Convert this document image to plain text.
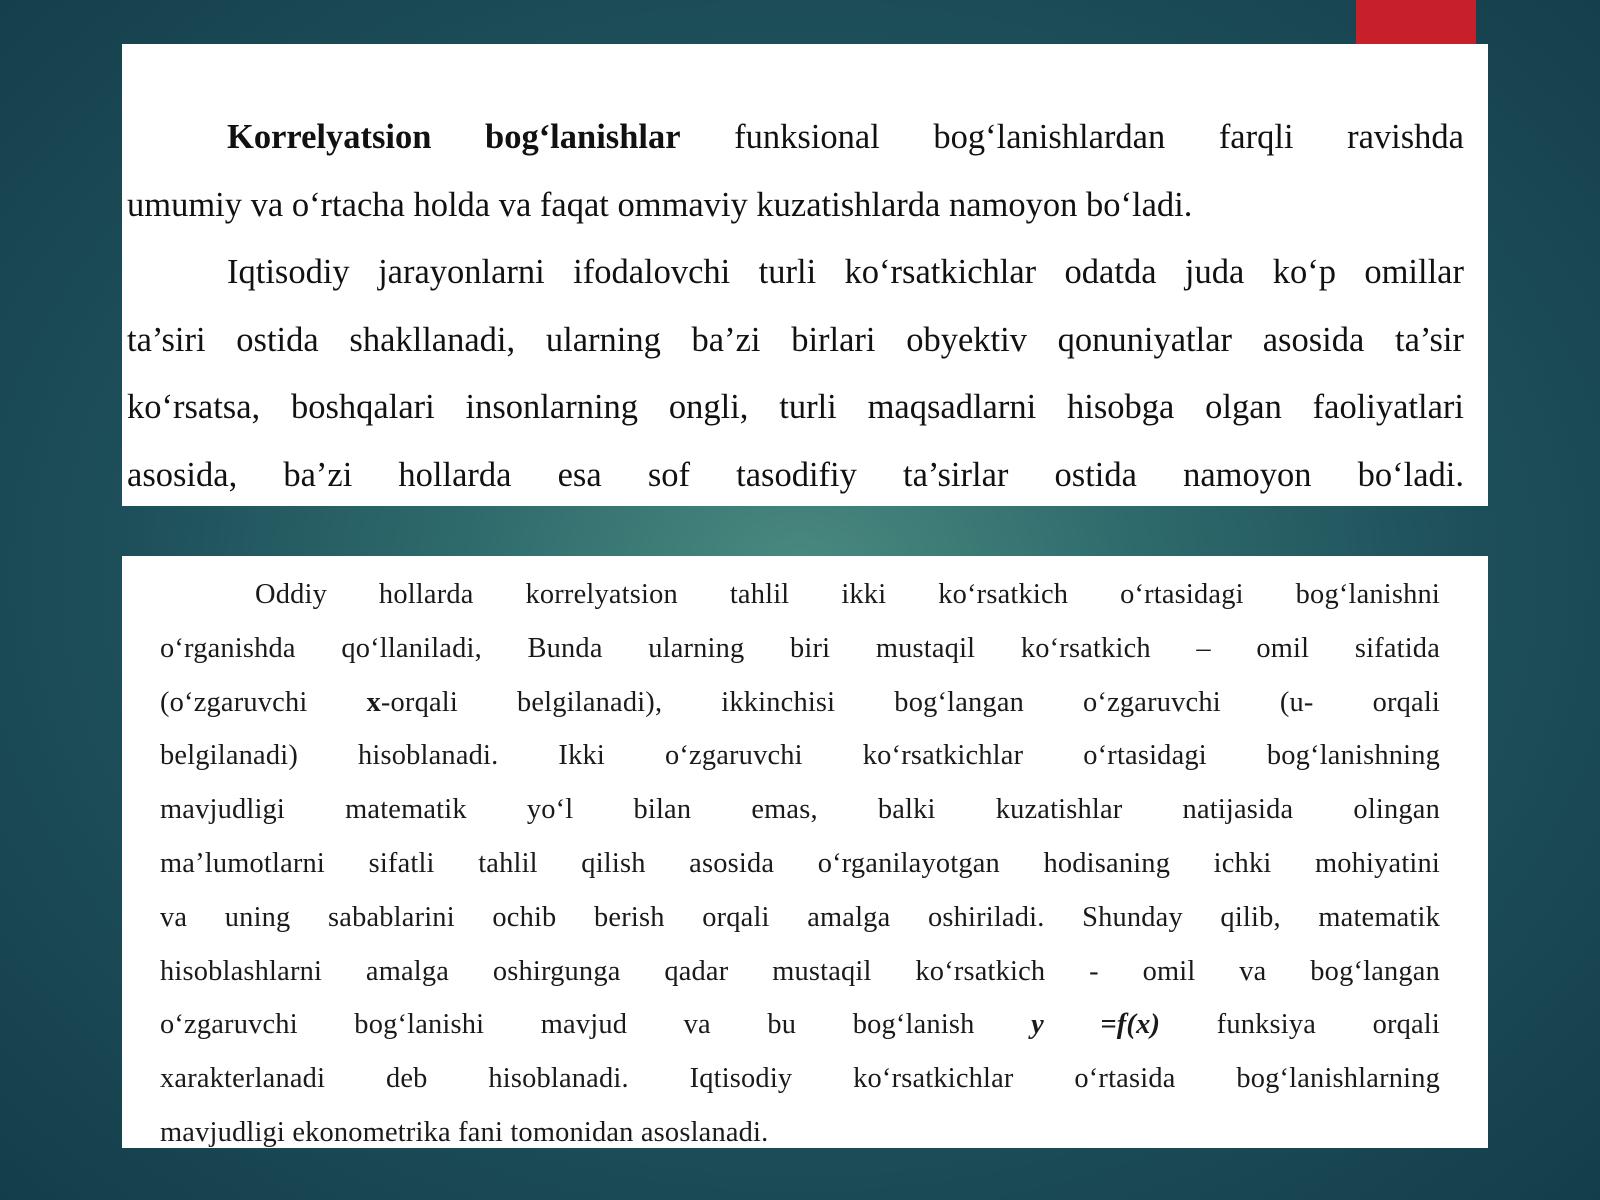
Korrelyatsion bog‘lanishlar funksional bog‘lanishlardan farqli ravishda

umumiy va o‘rtacha holda va faqat ommaviy kuzatishlarda namoyon bo‘ladi.

Iqtisodiy jarayonlarni ifodalovchi turli ko‘rsatkichlar odatda juda ko‘p omillar

ta’siri ostida shakllanadi, ularning ba’zi birlari obyektiv qonuniyatlar asosida ta’sir

ko‘rsatsa, boshqalari insonlarning ongli, turli maqsadlarni hisobga olgan faoliyatlari

asosida, ba’zi hollarda esa sof tasodifiy ta’sirlar ostida namoyon bo‘ladi.

Oddiy hollarda korrelyatsion tahlil ikki ko‘rsatkich o‘rtasidagi bog‘lanishni
o‘rganishda qo‘llaniladi, Bunda ularning biri mustaqil ko‘rsatkich – omil sifatida
(o‘zgaruvchi x-orqali belgilanadi), ikkinchisi bog‘langan o‘zgaruvchi (u- orqali
belgilanadi) hisoblanadi. Ikki o‘zgaruvchi ko‘rsatkichlar o‘rtasidagi bog‘lanishning
mavjudligi matematik yo‘l bilan emas, balki kuzatishlar natijasida olingan
ma’lumotlarni sifatli tahlil qilish asosida o‘rganilayotgan hodisaning ichki mohiyatini
va uning sabablarini ochib berish orqali amalga oshiriladi. Shunday qilib, matematik
hisoblashlarni amalga oshirgunga qadar mustaqil ko‘rsatkich - omil va bog‘langan
o‘zgaruvchi bog‘lanishi mavjud va bu bog‘lanish y =f(x) funksiya orqali
xarakterlanadi deb hisoblanadi. Iqtisodiy ko‘rsatkichlar o‘rtasida bog‘lanishlarning
mavjudligi ekonometrika fani tomonidan asoslanadi.
